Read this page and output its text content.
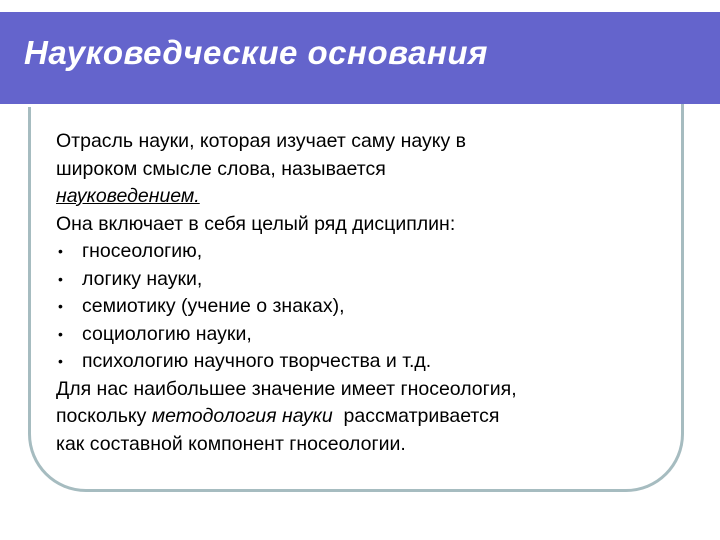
Науковедческие основания

Отрасль науки, которая изучает саму науку в
широком смысле слова, называется
науковедением.

Она включает в себя целый ряд дисциплин:

• гносеологию,

• логику науки,

• семиотику (учение о знаках),

• социологию науки,

• психологию научного творчества и т.д.

Для нас наибольшее значение имеет гносеология,
поскольку методология науки  рассматривается
как составной компонент гносеологии.
